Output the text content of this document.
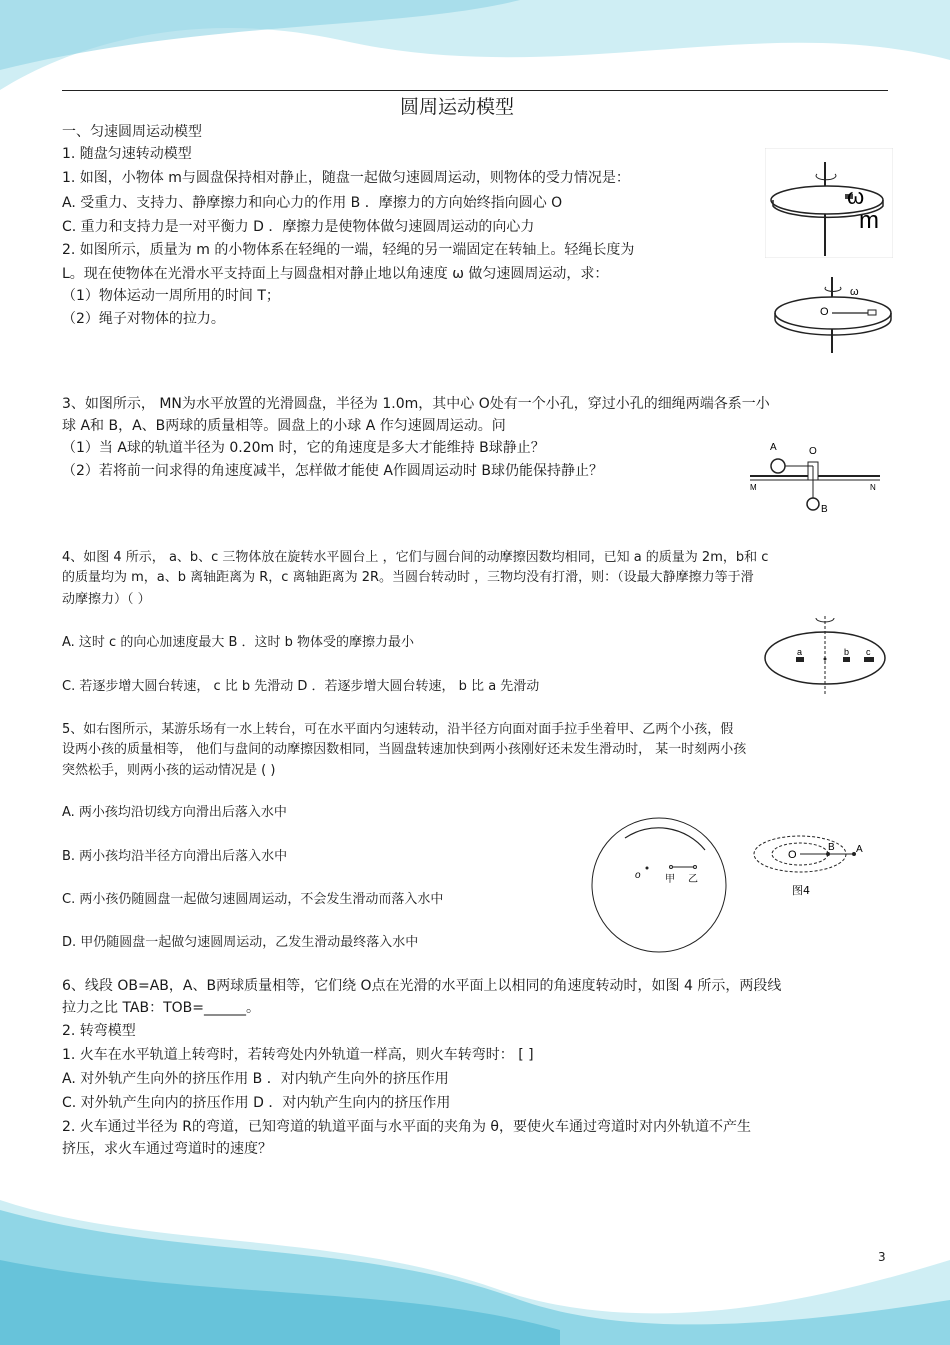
圆周运动模型
一、匀速圆周运动模型
1. 随盘匀速转动模型
1. 如图，小物体 m与圆盘保持相对静止，随盘一起做匀速圆周运动，则物体的受力情况是：
A. 受重力、支持力、静摩擦力和向心力的作用 B ．摩擦力的方向始终指向圆心 O
C. 重力和支持力是一对平衡力 D ．摩擦力是使物体做匀速圆周运动的向心力
2. 如图所示，质量为 m 的小物体系在轻绳的一端，轻绳的另一端固定在转轴上。轻绳长度为
L。现在使物体在光滑水平支持面上与圆盘相对静止地以角速度 ω 做匀速圆周运动，求：
（1）物体运动一周所用的时间 T；
（2）绳子对物体的拉力。
3、如图所示， MN为水平放置的光滑圆盘，半径为 1.0m，其中心 O处有一个小孔，穿过小孔的细绳两端各系一小
球 A和 B，A、B两球的质量相等。圆盘上的小球 A 作匀速圆周运动。问
（1）当 A球的轨道半径为 0.20m 时，它的角速度是多大才能维持 B球静止？
（2）若将前一问求得的角速度减半，怎样做才能使 A作圆周运动时 B球仍能保持静止？
4、如图 4 所示， a、b、c 三物体放在旋转水平圆台上 ，它们与圆台间的动摩擦因数均相同，已知 a 的质量为 2m，b和 c
的质量均为 m，a、b 离轴距离为 R，c 离轴距离为 2R。当圆台转动时 ，三物均没有打滑，则：（设最大静摩擦力等于滑
动摩擦力）（ ）
A. 这时 c 的向心加速度最大 B ．这时 b 物体受的摩擦力最小
C. 若逐步增大圆台转速， c 比 b 先滑动 D ．若逐步增大圆台转速， b 比 a 先滑动
5、如右图所示，某游乐场有一水上转台，可在水平面内匀速转动，沿半径方向面对面手拉手坐着甲、乙两个小孩，假
设两小孩的质量相等， 他们与盘间的动摩擦因数相同，当圆盘转速加快到两小孩刚好还未发生滑动时， 某一时刻两小孩
突然松手，则两小孩的运动情况是 ( )
A. 两小孩均沿切线方向滑出后落入水中
B. 两小孩均沿半径方向滑出后落入水中
C. 两小孩仍随圆盘一起做匀速圆周运动，不会发生滑动而落入水中
D. 甲仍随圆盘一起做匀速圆周运动，乙发生滑动最终落入水中
6、线段 OB=AB，A、B两球质量相等，它们绕 O点在光滑的水平面上以相同的角速度转动时，如图 4 所示，两段线
拉力之比 TAB：TOB=______。
2. 转弯模型
1. 火车在水平轨道上转弯时，若转弯处内外轨道一样高，则火车转弯时： [ ]
A. 对外轨产生向外的挤压作用 B ．对内轨产生向外的挤压作用
C. 对外轨产生向内的挤压作用 D ．对内轨产生向内的挤压作用
2. 火车通过半径为 R的弯道，已知弯道的轨道平面与水平面的夹角为 θ，要使火车通过弯道时对内外轨道不产生
挤压，求火车通过弯道时的速度？
ω
m
ω
O
A	O
M	N
B
a	b c
o 甲 乙
O
B A
图4
3
